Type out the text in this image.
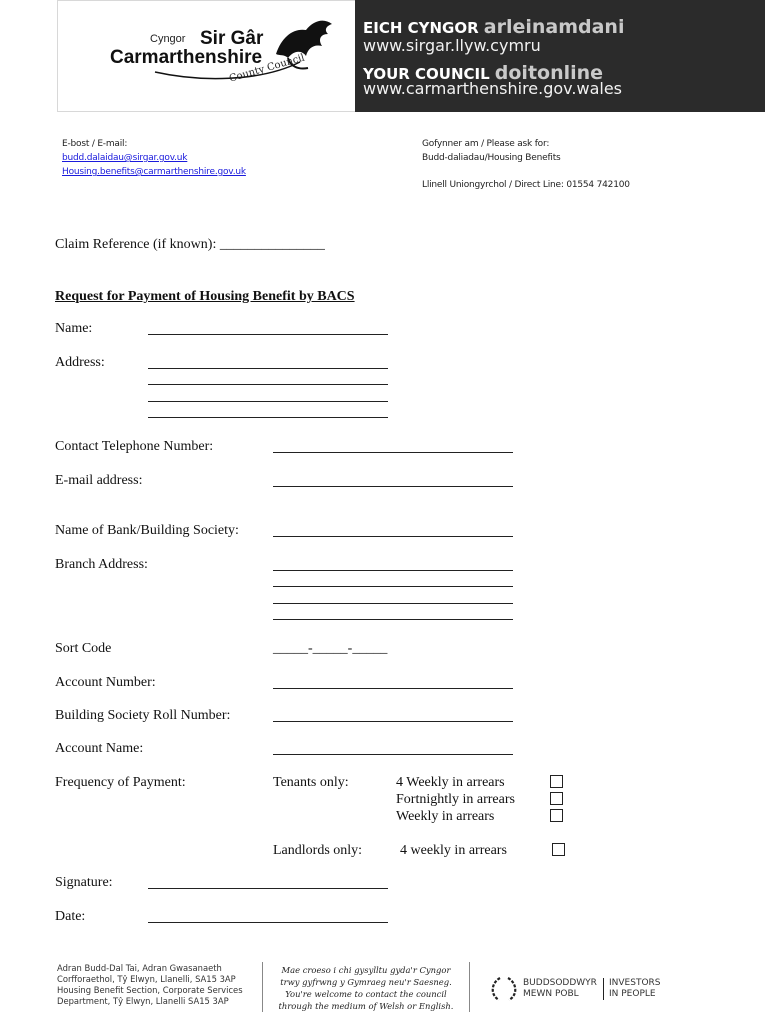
Cyngor Sir Gâr
Carmarthenshire
County Council
EICH CYNGOR arleinamdani
www.sirgar.llyw.cymru
YOUR COUNCIL doitonline
www.carmarthenshire.gov.wales
E-bost / E-mail:
budd.dalaidau@sirgar.gov.uk
Housing.benefits@carmarthenshire.gov.uk
Gofynner am / Please ask for:
Budd-daliadau/Housing Benefits
Llinell Uniongyrchol / Direct Line: 01554 742100
Claim Reference (if known): _______________
Request for Payment of Housing Benefit by BACS
Name:
Address:
Contact Telephone Number:
E-mail address:
Name of Bank/Building Society:
Branch Address:
Sort Code	_____-_____-_____
Account Number:
Building Society Roll Number:
Account Name:
Frequency of Payment:	Tenants only:	4 Weekly in arrears
Fortnightly in arrears
Weekly in arrears
Landlords only:	4 weekly in arrears
Signature:
Date:
Adran Budd-Dal Tai, Adran Gwasanaeth
Corfforaethol, Tŷ Elwyn, Llanelli, SA15 3AP
Housing Benefit Section, Corporate Services
Department, Tŷ Elwyn, Llanelli SA15 3AP
Mae croeso i chi gysylltu gyda'r Cyngor
trwy gyfrwng y Gymraeg neu'r Saesneg.
You're welcome to contact the council
through the medium of Welsh or English.
BUDDSODDWYR
MEWN POBL
INVESTORS
IN PEOPLE
